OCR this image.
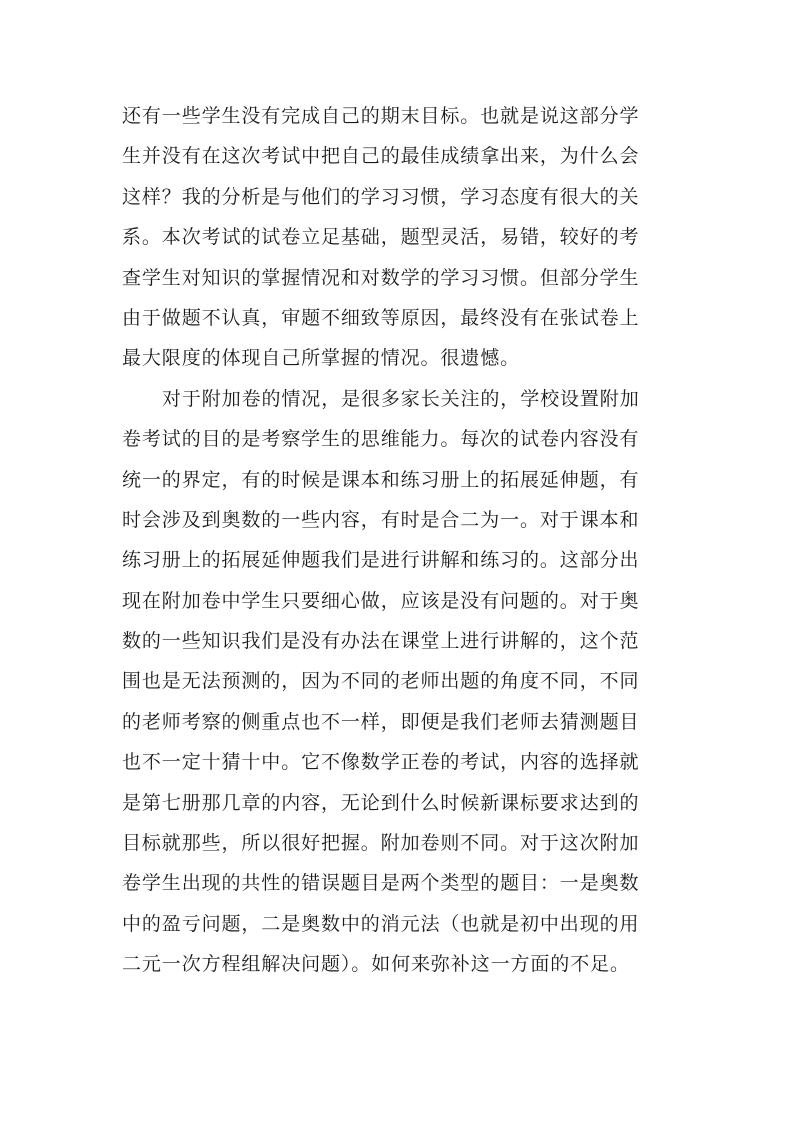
还有一些学生没有完成自己的期末目标。也就是说这部分学
生并没有在这次考试中把自己的最佳成绩拿出来，为什么会
这样？我的分析是与他们的学习习惯，学习态度有很大的关
系。本次考试的试卷立足基础，题型灵活，易错，较好的考
查学生对知识的掌握情况和对数学的学习习惯。但部分学生
由于做题不认真，审题不细致等原因，最终没有在张试卷上
最大限度的体现自己所掌握的情况。很遗憾。

对于附加卷的情况，是很多家长关注的，学校设置附加
卷考试的目的是考察学生的思维能力。每次的试卷内容没有
统一的界定，有的时候是课本和练习册上的拓展延伸题，有
时会涉及到奥数的一些内容，有时是合二为一。对于课本和
练习册上的拓展延伸题我们是进行讲解和练习的。这部分出
现在附加卷中学生只要细心做，应该是没有问题的。对于奥
数的一些知识我们是没有办法在课堂上进行讲解的，这个范
围也是无法预测的，因为不同的老师出题的角度不同，不同
的老师考察的侧重点也不一样，即便是我们老师去猜测题目
也不一定十猜十中。它不像数学正卷的考试，内容的选择就
是第七册那几章的内容，无论到什么时候新课标要求达到的
目标就那些，所以很好把握。附加卷则不同。对于这次附加
卷学生出现的共性的错误题目是两个类型的题目：一是奥数
中的盈亏问题，二是奥数中的消元法（也就是初中出现的用
二元一次方程组解决问题）。如何来弥补这一方面的不足。
